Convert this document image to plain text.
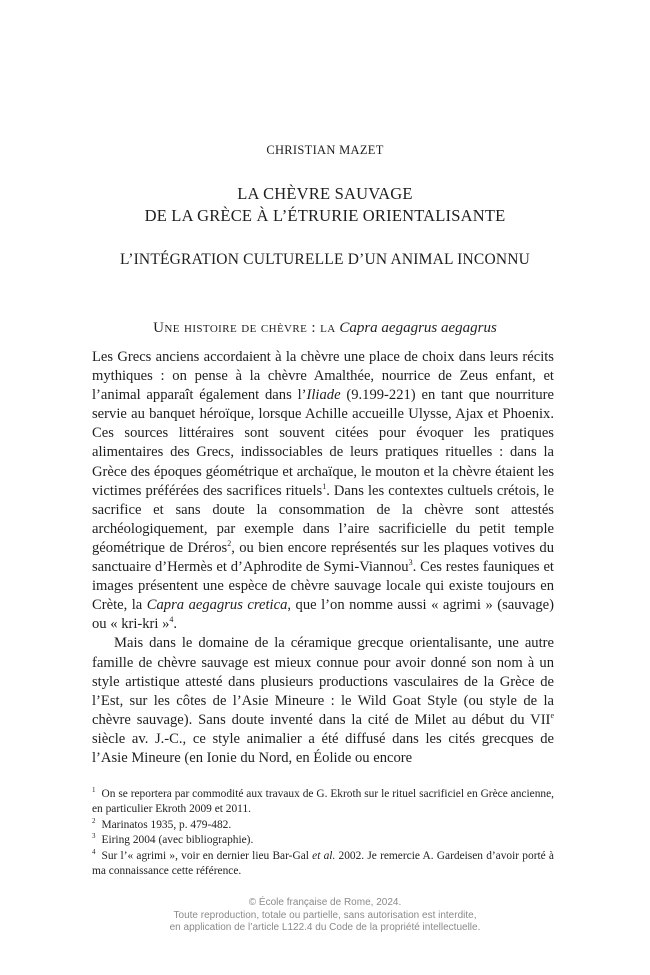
CHRISTIAN MAZET
LA CHÈVRE SAUVAGE
DE LA GRÈCE À L’ÉTRURIE ORIENTALISANTE
L’INTÉGRATION CULTURELLE D’UN ANIMAL INCONNU
Une histoire de chèvre : la Capra aegagrus aegagrus

Les Grecs anciens accordaient à la chèvre une place de choix dans leurs récits mythiques : on pense à la chèvre Amalthée, nourrice de Zeus enfant, et l’animal apparaît également dans l’Iliade (9.199-221) en tant que nourriture servie au banquet héroïque, lorsque Achille accueille Ulysse, Ajax et Phoenix. Ces sources littéraires sont souvent citées pour évoquer les pratiques alimentaires des Grecs, indissociables de leurs pratiques rituelles : dans la Grèce des époques géométrique et archaïque, le mouton et la chèvre étaient les victimes préférées des sacrifices rituels$^1$. Dans les contextes cultuels crétois, le sacrifice et sans doute la consommation de la chèvre sont attestés archéologiquement, par exemple dans l’aire sacrificielle du petit temple géométrique de Dréros$^2$, ou bien encore représentés sur les plaques votives du sanctuaire d’Hermès et d’Aphrodite de Symi-Viannou$^3$. Ces restes fauniques et images présentent une espèce de chèvre sauvage locale qui existe toujours en Crète, la Capra aegagrus cretica, que l’on nomme aussi « agrimi » (sauvage) ou « kri-kri »$^4$.

Mais dans le domaine de la céramique grecque orientalisante, une autre famille de chèvre sauvage est mieux connue pour avoir donné son nom à un style artistique attesté dans plusieurs productions vasculaires de la Grèce de l’Est, sur les côtes de l’Asie Mineure : le Wild Goat Style (ou style de la chèvre sauvage). Sans doute inventé dans la cité de Milet au début du VIIe siècle av. J.-C., ce style animalier a été diffusé dans les cités grecques de l’Asie Mineure (en Ionie du Nord, en Éolide ou encore

$^1$ On se reportera par commodité aux travaux de G. Ekroth sur le rituel sacrificiel en Grèce ancienne, en particulier Ekroth 2009 et 2011.

$^2$ Marinatos 1935, p. 479-482.

$^3$ Eiring 2004 (avec bibliographie).

$^4$ Sur l’« agrimi », voir en dernier lieu Bar-Gal et al. 2002. Je remercie A. Gardeisen d’avoir porté à ma connaissance cette référence.

© École française de Rome, 2024.
Toute reproduction, totale ou partielle, sans autorisation est interdite,
en application de l’article L122.4 du Code de la propriété intellectuelle.
